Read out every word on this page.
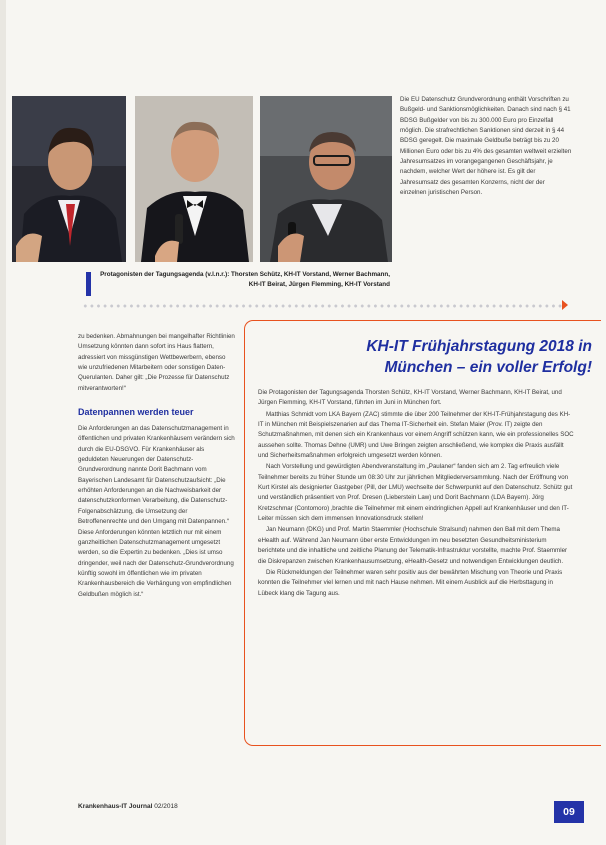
Protagonisten der Tagungsagenda (v.l.n.r.): Thorsten Schütz, KH-IT Vorstand, Werner Bachmann, KH-IT Beirat, Jürgen Flemming, KH-IT Vorstand

Die EU Datenschutz Grundverordnung enthält Vorschriften zu Bußgeld- und Sanktionsmöglichkeiten. Danach sind nach § 41 BDSG Bußgelder von bis zu 300.000 Euro pro Einzelfall möglich. Die strafrechtlichen Sanktionen sind derzeit in § 44 BDSG geregelt. Die maximale Geldbuße beträgt bis zu 20 Millionen Euro oder bis zu 4% des gesamten weltweit erzielten Jahresumsatzes im vorangegangenen Geschäftsjahr, je nachdem, welcher Wert der höhere ist. Es gilt der Jahresumsatz des gesamten Konzerns, nicht der der einzelnen juristischen Person.

zu bedenken. Abmahnungen bei mangelhafter Richtlinien Umsetzung könnten dann sofort ins Haus flattern, adressiert von missgünstigen Wettbewerbern, ebenso wie unzufriedenen Mitarbeitern oder sonstigen Daten-Querulanten. Daher gilt: „Die Prozesse für Datenschutz mitverantworten!“

Datenpannen werden teuer

Die Anforderungen an das Datenschutzmanagement in öffentlichen und privaten Krankenhäusern verändern sich durch die EU-DSGVO. Für Krankenhäuser als geduldeten Neuerungen der Datenschutz-Grundverordnung nannte Dorit Bachmann vom Bayerischen Landesamt für Datenschutzaufsicht: „Die erhöhten Anforderungen an die Nachweisbarkeit der datenschutzkonformen Verarbeitung, die Datenschutz-Folgenabschätzung, die Umsetzung der Betroffenenrechte und den Umgang mit Datenpannen.“ Diese Anforderungen könnten letztlich nur mit einem ganzheitlichen Datenschutzmanagement umgesetzt werden, so die Expertin zu bedenken. „Dies ist umso dringender, weil nach der Datenschutz-Grundverordnung künftig sowohl im öffentlichen wie im privaten Krankenhausbereich die Verhängung von empfindlichen Geldbußen möglich ist.“

KH-IT Frühjahrstagung 2018 in
München – ein voller Erfolg!

Die Protagonisten der Tagungsagenda Thorsten Schütz, KH-IT Vorstand, Werner Bachmann, KH-IT Beirat, und Jürgen Flemming, KH-IT Vorstand, führten im Juni in München fort.

Matthias Schmidt vom LKA Bayern (ZAC) stimmte die über 200 Teilnehmer der KH-IT-Frühjahrstagung des KH-IT in München mit Beispielszenarien auf das Thema IT-Sicherheit ein. Stefan Maier (Prov. IT) zeigte den Schutzmaßnahmen, mit denen sich ein Krankenhaus vor einem Angriff schützen kann, wie ein professionelles SOC aussehen sollte. Thomas Dehne (UMR) und Uwe Bringen zeigten anschließend, wie komplex die Praxis ausfällt und Sicherheitsmaßnahmen erfolgreich umgesetzt werden können.

Nach Vorstellung und gewürdigten Abendveranstaltung im „Paulaner“ fanden sich am 2. Tag erfreulich viele Teilnehmer bereits zu früher Stunde um 08:30 Uhr zur jährlichen Mitgliederversammlung. Nach der Eröffnung von Kurt Kirstel als designierter Gastgeber (Pill, der LMU) wechselte der Schwerpunkt auf den Datenschutz. Schütz gut und verständlich präsentiert von Prof. Dresen (Lieberstein Law) und Dorit Bachmann (LDA Bayern). Jörg Kretzschmar (Contomoro) ‚brachte die Teilnehmer mit einem eindringlichen Appell auf Krankenhäuser und den IT-Leiter müssen sich dem immensen Innovationsdruck stellen!

Jan Neumann (DKG) und Prof. Martin Staemmler (Hochschule Stralsund) nahmen den Ball mit dem Thema eHealth auf. Während Jan Neumann über erste Entwicklungen im neu besetzten Gesundheitsministerium berichtete und die inhaltliche und zeitliche Planung der Telematik-Infrastruktur vorstellte, machte Prof. Staemmler die Diskrepanzen zwischen Krankenhausumsetzung, eHealth-Gesetz und notwendigen Entwicklungen deutlich.

Die Rückmeldungen der Teilnehmer waren sehr positiv aus der bewährten Mischung von Theorie und Praxis konnten die Teilnehmer viel lernen und mit nach Hause nehmen. Mit einem Ausblick auf die Herbsttagung in Lübeck klang die Tagung aus.

Krankenhaus-IT Journal 02/2018	09
